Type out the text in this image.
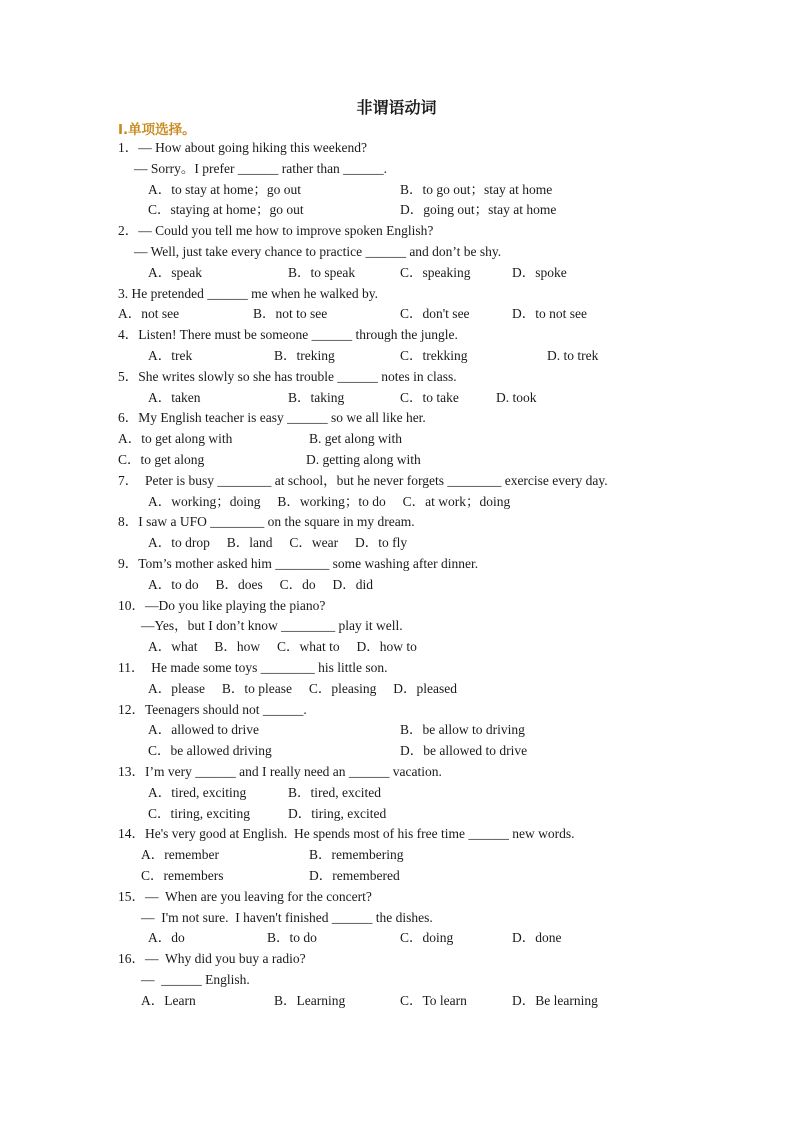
非谓语动词
I.单项选择。
1．— How about going hiking this weekend?
— Sorry。I prefer ______ rather than ______.
A．to stay at home；go out	B．to go out；stay at home
C．staying at home；go out	D．going out；stay at home
2．— Could you tell me how to improve spoken English?
— Well, just take every chance to practice ______ and don’t be shy.
A．speak	B．to speak	C．speaking	D．spoke
3. He pretended ______ me when he walked by.
A．not see	B．not to see	C．don't see	D．to not see
4．Listen! There must be someone ______ through the jungle.
A．trek	B．treking	C．trekking	D. to trek
5．She writes slowly so she has trouble ______ notes in class.
A．taken	B．taking	C．to take	D. took
6．My English teacher is easy ______ so we all like her.
A．to get along with	B. get along with
C．to get along	D. getting along with
7．  Peter is busy ________ at school，but he never forgets ________ exercise every day.
A．working；doing     B．working；to do     C．at work；doing
8．I saw a UFO ________ on the square in my dream.
A．to drop     B．land     C．wear     D．to fly
9．Tom’s mother asked him ________ some washing after dinner.
A．to do     B．does     C．do     D．did
10．—Do you like playing the piano?
—Yes，but I don’t know ________ play it well.
A．what     B．how     C．what to     D．how to
11．  He made some toys ________ his little son.
A．please     B．to please     C．pleasing     D．pleased
12．Teenagers should not ______.
A．allowed to drive	B．be allow to driving
C．be allowed driving	D．be allowed to drive
13．I’m very ______ and I really need an ______ vacation.
A．tired, exciting	B．tired, excited
C．tiring, exciting	D．tiring, excited
14．He's very good at English.  He spends most of his free time ______ new words.
A．remember	B．remembering
C．remembers	D．remembered
15．—  When are you leaving for the concert?
—  I'm not sure.  I haven't finished ______ the dishes.
A．do	B．to do	C．doing	D．done
16．—  Why did you buy a radio?
—  ______ English.
A．Learn	B．Learning	C．To learn	D．Be learning
